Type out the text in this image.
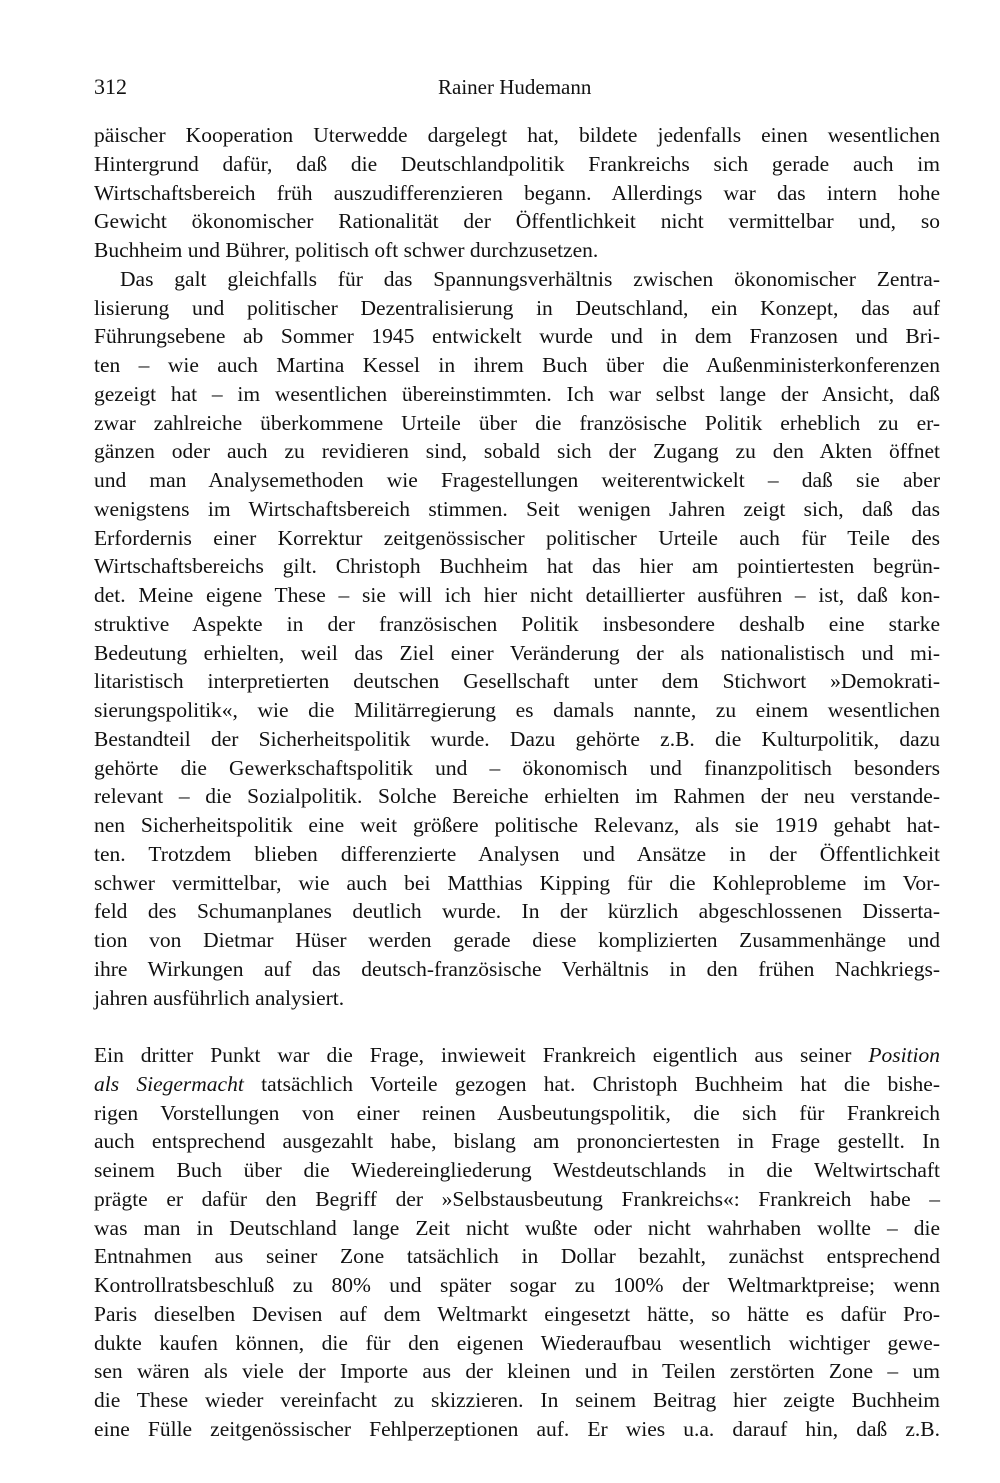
312	Rainer Hudemann
päischer Kooperation Uterwedde dargelegt hat, bildete jedenfalls einen wesentlichen
Hintergrund dafür, daß die Deutschlandpolitik Frankreichs sich gerade auch im
Wirtschaftsbereich früh auszudifferenzieren begann. Allerdings war das intern hohe
Gewicht ökonomischer Rationalität der Öffentlichkeit nicht vermittelbar und, so
Buchheim und Bührer, politisch oft schwer durchzusetzen.
Das galt gleichfalls für das Spannungsverhältnis zwischen ökonomischer Zentra-
lisierung und politischer Dezentralisierung in Deutschland, ein Konzept, das auf
Führungsebene ab Sommer 1945 entwickelt wurde und in dem Franzosen und Bri-
ten – wie auch Martina Kessel in ihrem Buch über die Außenministerkonferenzen
gezeigt hat – im wesentlichen übereinstimmten. Ich war selbst lange der Ansicht, daß
zwar zahlreiche überkommene Urteile über die französische Politik erheblich zu er-
gänzen oder auch zu revidieren sind, sobald sich der Zugang zu den Akten öffnet
und man Analysemethoden wie Fragestellungen weiterentwickelt – daß sie aber
wenigstens im Wirtschaftsbereich stimmen. Seit wenigen Jahren zeigt sich, daß das
Erfordernis einer Korrektur zeitgenössischer politischer Urteile auch für Teile des
Wirtschaftsbereichs gilt. Christoph Buchheim hat das hier am pointiertesten begrün-
det. Meine eigene These – sie will ich hier nicht detaillierter ausführen – ist, daß kon-
struktive Aspekte in der französischen Politik insbesondere deshalb eine starke
Bedeutung erhielten, weil das Ziel einer Veränderung der als nationalistisch und mi-
litaristisch interpretierten deutschen Gesellschaft unter dem Stichwort »Demokrati-
sierungspolitik«, wie die Militärregierung es damals nannte, zu einem wesentlichen
Bestandteil der Sicherheitspolitik wurde. Dazu gehörte z.B. die Kulturpolitik, dazu
gehörte die Gewerkschaftspolitik und – ökonomisch und finanzpolitisch besonders
relevant – die Sozialpolitik. Solche Bereiche erhielten im Rahmen der neu verstande-
nen Sicherheitspolitik eine weit größere politische Relevanz, als sie 1919 gehabt hat-
ten. Trotzdem blieben differenzierte Analysen und Ansätze in der Öffentlichkeit
schwer vermittelbar, wie auch bei Matthias Kipping für die Kohleprobleme im Vor-
feld des Schumanplanes deutlich wurde. In der kürzlich abgeschlossenen Disserta-
tion von Dietmar Hüser werden gerade diese komplizierten Zusammenhänge und
ihre Wirkungen auf das deutsch-französische Verhältnis in den frühen Nachkriegs-
jahren ausführlich analysiert.
Ein dritter Punkt war die Frage, inwieweit Frankreich eigentlich aus seiner Position
als Siegermacht tatsächlich Vorteile gezogen hat. Christoph Buchheim hat die bishe-
rigen Vorstellungen von einer reinen Ausbeutungspolitik, die sich für Frankreich
auch entsprechend ausgezahlt habe, bislang am prononciertesten in Frage gestellt. In
seinem Buch über die Wiedereingliederung Westdeutschlands in die Weltwirtschaft
prägte er dafür den Begriff der »Selbstausbeutung Frankreichs«: Frankreich habe –
was man in Deutschland lange Zeit nicht wußte oder nicht wahrhaben wollte – die
Entnahmen aus seiner Zone tatsächlich in Dollar bezahlt, zunächst entsprechend
Kontrollratsbeschluß zu 80% und später sogar zu 100% der Weltmarktpreise; wenn
Paris dieselben Devisen auf dem Weltmarkt eingesetzt hätte, so hätte es dafür Pro-
dukte kaufen können, die für den eigenen Wiederaufbau wesentlich wichtiger gewe-
sen wären als viele der Importe aus der kleinen und in Teilen zerstörten Zone – um
die These wieder vereinfacht zu skizzieren. In seinem Beitrag hier zeigte Buchheim
eine Fülle zeitgenössischer Fehlperzeptionen auf. Er wies u.a. darauf hin, daß z.B.
